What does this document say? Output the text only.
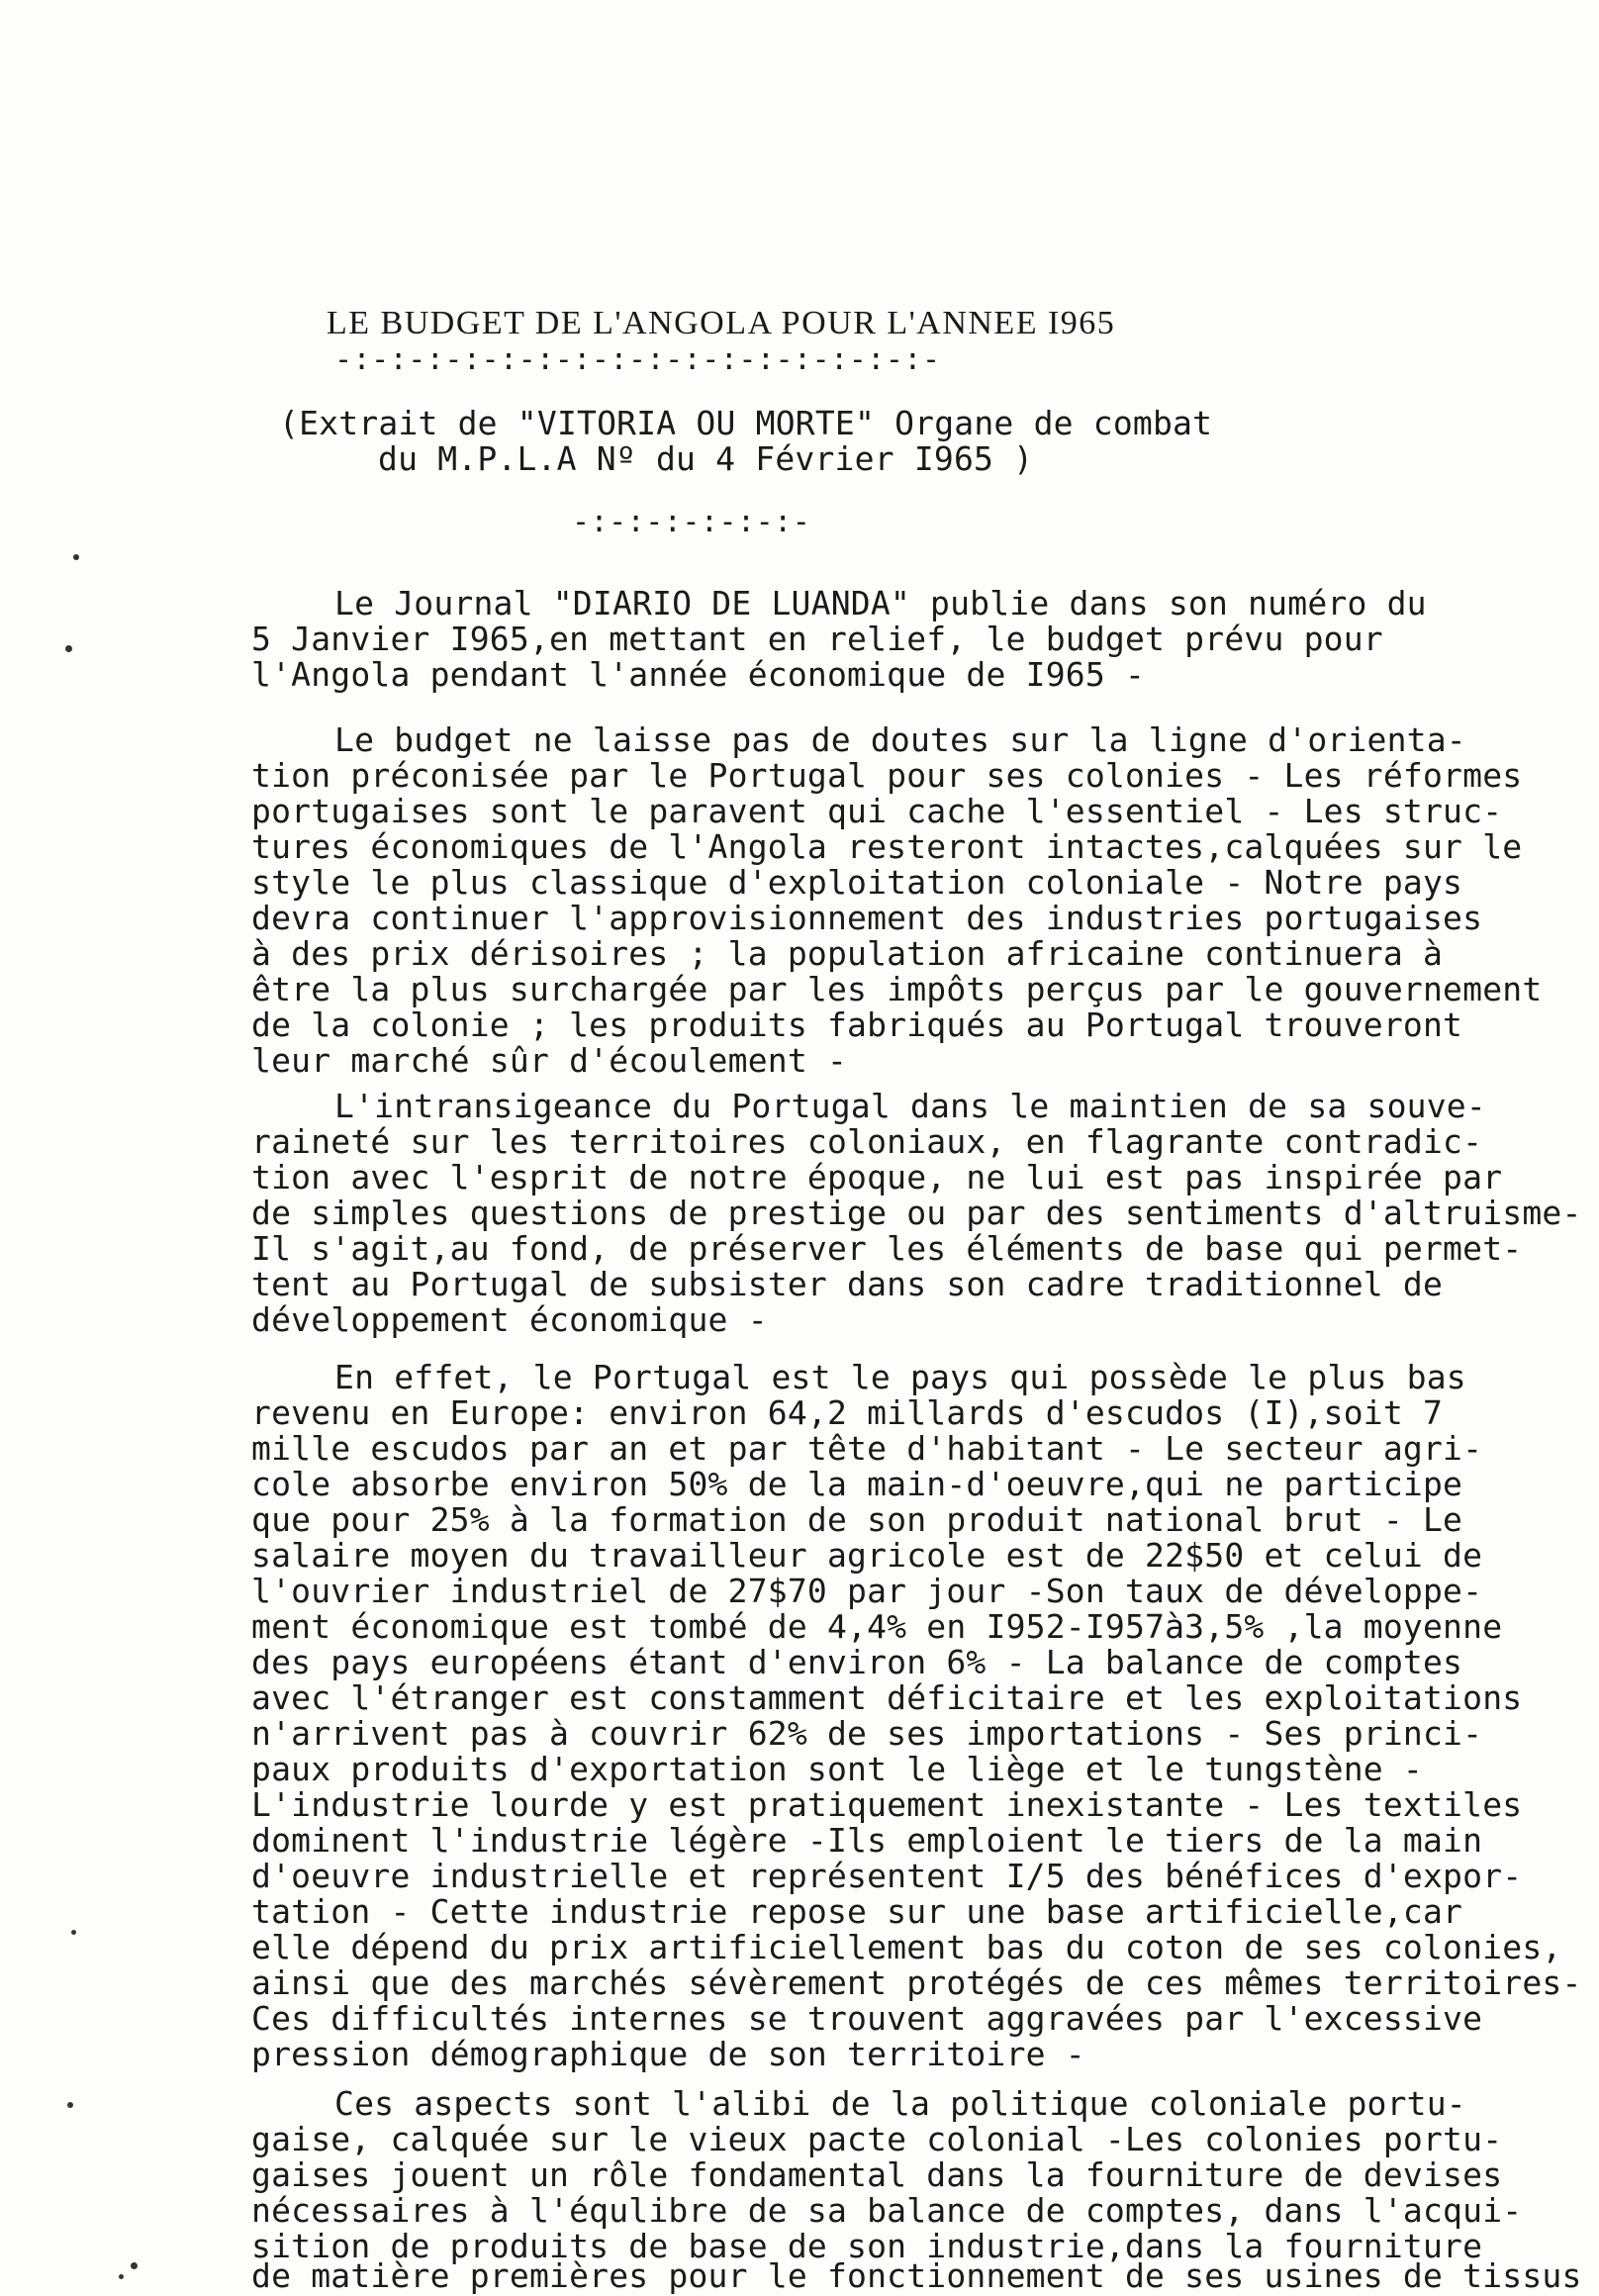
LE BUDGET DE L'ANGOLA POUR L'ANNEE I965
-:-:-:-:-:-:-:-:-:-:-:-:-:-:-:-:-
(Extrait de "VITORIA OU MORTE" Organe de combat
du M.P.L.A Nº du 4 Février I965 )
-:-:-:-:-:-:-
Le Journal "DIARIO DE LUANDA" publie dans son numéro du
5 Janvier I965,en mettant en relief, le budget prévu pour
l'Angola pendant l'année économique de I965 -
Le budget ne laisse pas de doutes sur la ligne d'orienta-
tion préconisée par le Portugal pour ses colonies - Les réformes
portugaises sont le paravent qui cache l'essentiel - Les struc-
tures économiques de l'Angola resteront intactes,calquées sur le
style le plus classique d'exploitation coloniale - Notre pays
devra continuer l'approvisionnement des industries portugaises
à des prix dérisoires ; la population africaine continuera à
être la plus surchargée par les impôts perçus par le gouvernement
de la colonie ; les produits fabriqués au Portugal trouveront
leur marché sûr d'écoulement -
L'intransigeance du Portugal dans le maintien de sa souve-
raineté sur les territoires coloniaux, en flagrante contradic-
tion avec l'esprit de notre époque, ne lui est pas inspirée par
de simples questions de prestige ou par des sentiments d'altruisme-
Il s'agit,au fond, de préserver les éléments de base qui permet-
tent au Portugal de subsister dans son cadre traditionnel de
développement économique -
En effet, le Portugal est le pays qui possède le plus bas
revenu en Europe: environ 64,2 millards d'escudos (I),soit 7
mille escudos par an et par tête d'habitant - Le secteur agri-
cole absorbe environ 50% de la main-d'oeuvre,qui ne participe
que pour 25% à la formation de son produit national brut - Le
salaire moyen du travailleur agricole est de 22$50 et celui de
l'ouvrier industriel de 27$70 par jour -Son taux de développe-
ment économique est tombé de 4,4% en I952-I957à3,5% ,la moyenne
des pays européens étant d'environ 6% - La balance de comptes
avec l'étranger est constamment déficitaire et les exploitations
n'arrivent pas à couvrir 62% de ses importations - Ses princi-
paux produits d'exportation sont le liège et le tungstène -
L'industrie lourde y est pratiquement inexistante - Les textiles
dominent l'industrie légère -Ils emploient le tiers de la main
d'oeuvre industrielle et représentent I/5 des bénéfices d'expor-
tation - Cette industrie repose sur une base artificielle,car
elle dépend du prix artificiellement bas du coton de ses colonies,
ainsi que des marchés sévèrement protégés de ces mêmes territoires-
Ces difficultés internes se trouvent aggravées par l'excessive
pression démographique de son territoire -
Ces aspects sont l'alibi de la politique coloniale portu-
gaise, calquée sur le vieux pacte colonial -Les colonies portu-
gaises jouent un rôle fondamental dans la fourniture de devises
nécessaires à l'équlibre de sa balance de comptes, dans l'acqui-
sition de produits de base de son industrie,dans la fourniture
de matière premières pour le fonctionnement de ses usines de tissus
